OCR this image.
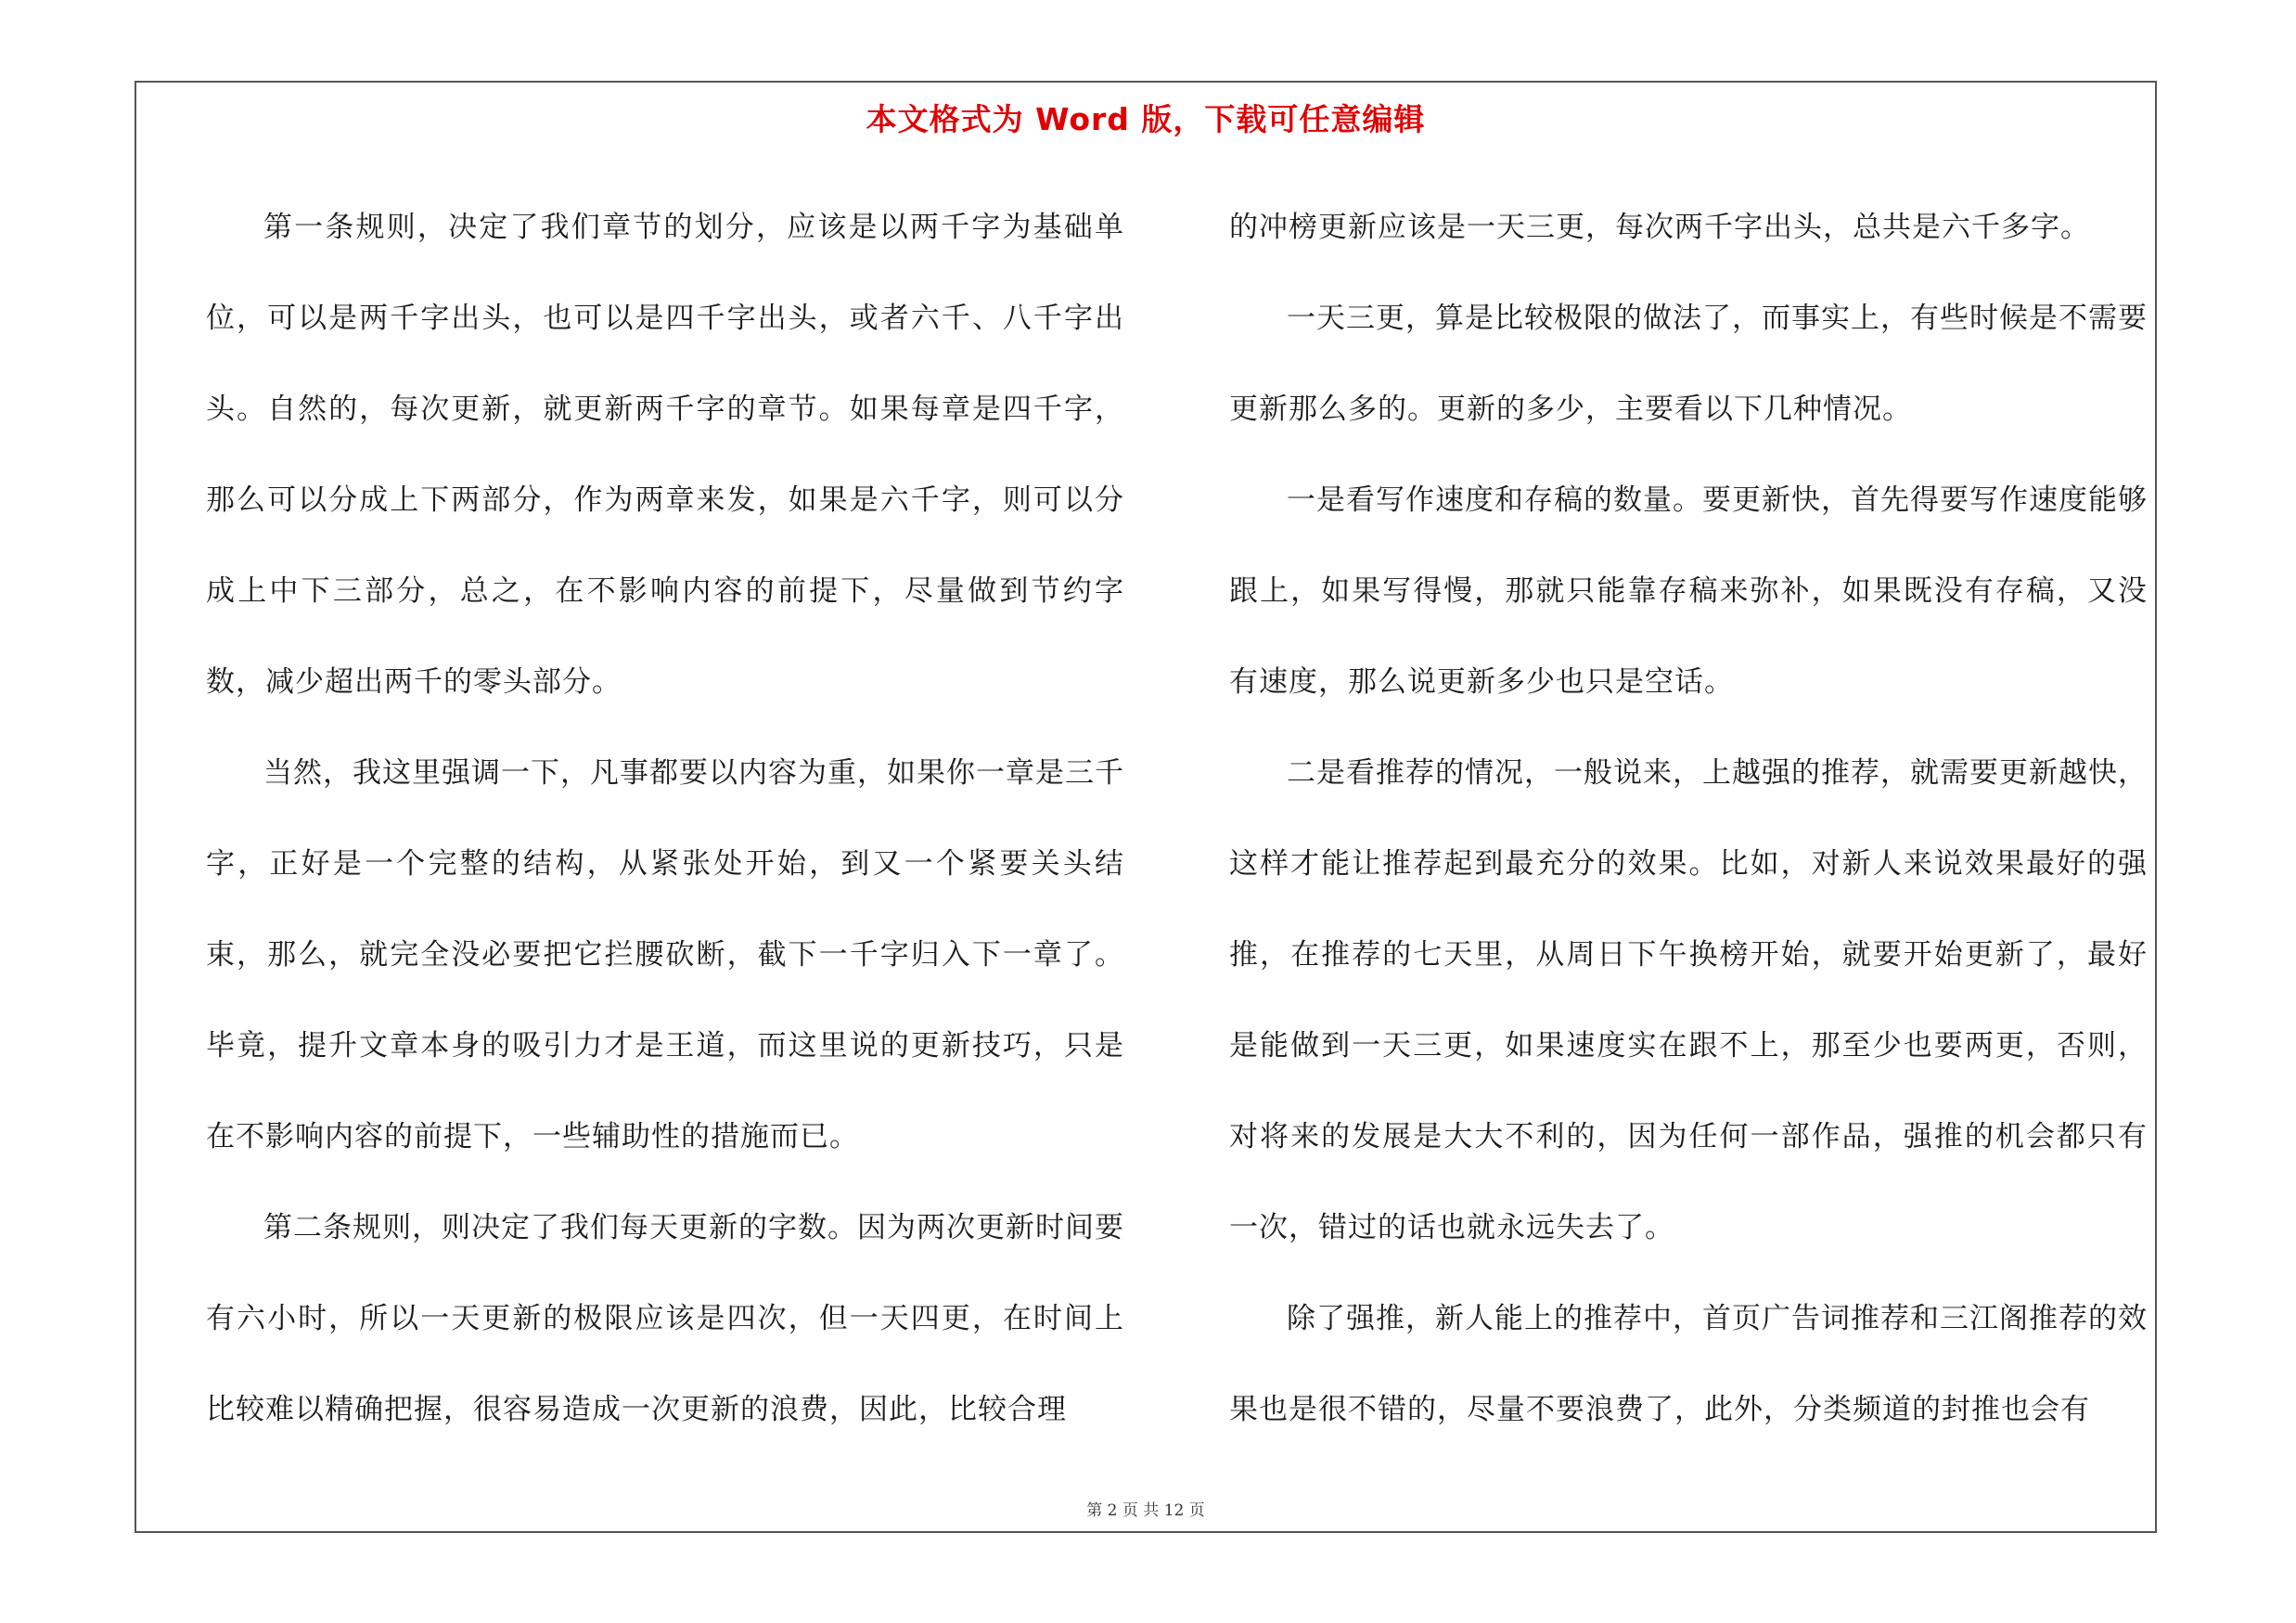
本文格式为 Word 版，下载可任意编辑

第一条规则，决定了我们章节的划分，应该是以两千字为基础单位，可以是两千字出头，也可以是四千字出头，或者六千、八千字出头。自然的，每次更新，就更新两千字的章节。如果每章是四千字，那么可以分成上下两部分，作为两章来发，如果是六千字，则可以分成上中下三部分，总之，在不影响内容的前提下，尽量做到节约字数，减少超出两千的零头部分。

当然，我这里强调一下，凡事都要以内容为重，如果你一章是三千字，正好是一个完整的结构，从紧张处开始，到又一个紧要关头结束，那么，就完全没必要把它拦腰砍断，截下一千字归入下一章了。毕竟，提升文章本身的吸引力才是王道，而这里说的更新技巧，只是在不影响内容的前提下，一些辅助性的措施而已。

第二条规则，则决定了我们每天更新的字数。因为两次更新时间要有六小时，所以一天更新的极限应该是四次，但一天四更，在时间上比较难以精确把握，很容易造成一次更新的浪费，因此，比较合理

的冲榜更新应该是一天三更，每次两千字出头，总共是六千多字。

一天三更，算是比较极限的做法了，而事实上，有些时候是不需要更新那么多的。更新的多少，主要看以下几种情况。

一是看写作速度和存稿的数量。要更新快，首先得要写作速度能够跟上，如果写得慢，那就只能靠存稿来弥补，如果既没有存稿，又没有速度，那么说更新多少也只是空话。

二是看推荐的情况，一般说来，上越强的推荐，就需要更新越快，这样才能让推荐起到最充分的效果。比如，对新人来说效果最好的强推，在推荐的七天里，从周日下午换榜开始，就要开始更新了，最好是能做到一天三更，如果速度实在跟不上，那至少也要两更，否则，对将来的发展是大大不利的，因为任何一部作品，强推的机会都只有一次，错过的话也就永远失去了。

除了强推，新人能上的推荐中，首页广告词推荐和三江阁推荐的效果也是很不错的，尽量不要浪费了，此外，分类频道的封推也会有

第 2 页 共 12 页
